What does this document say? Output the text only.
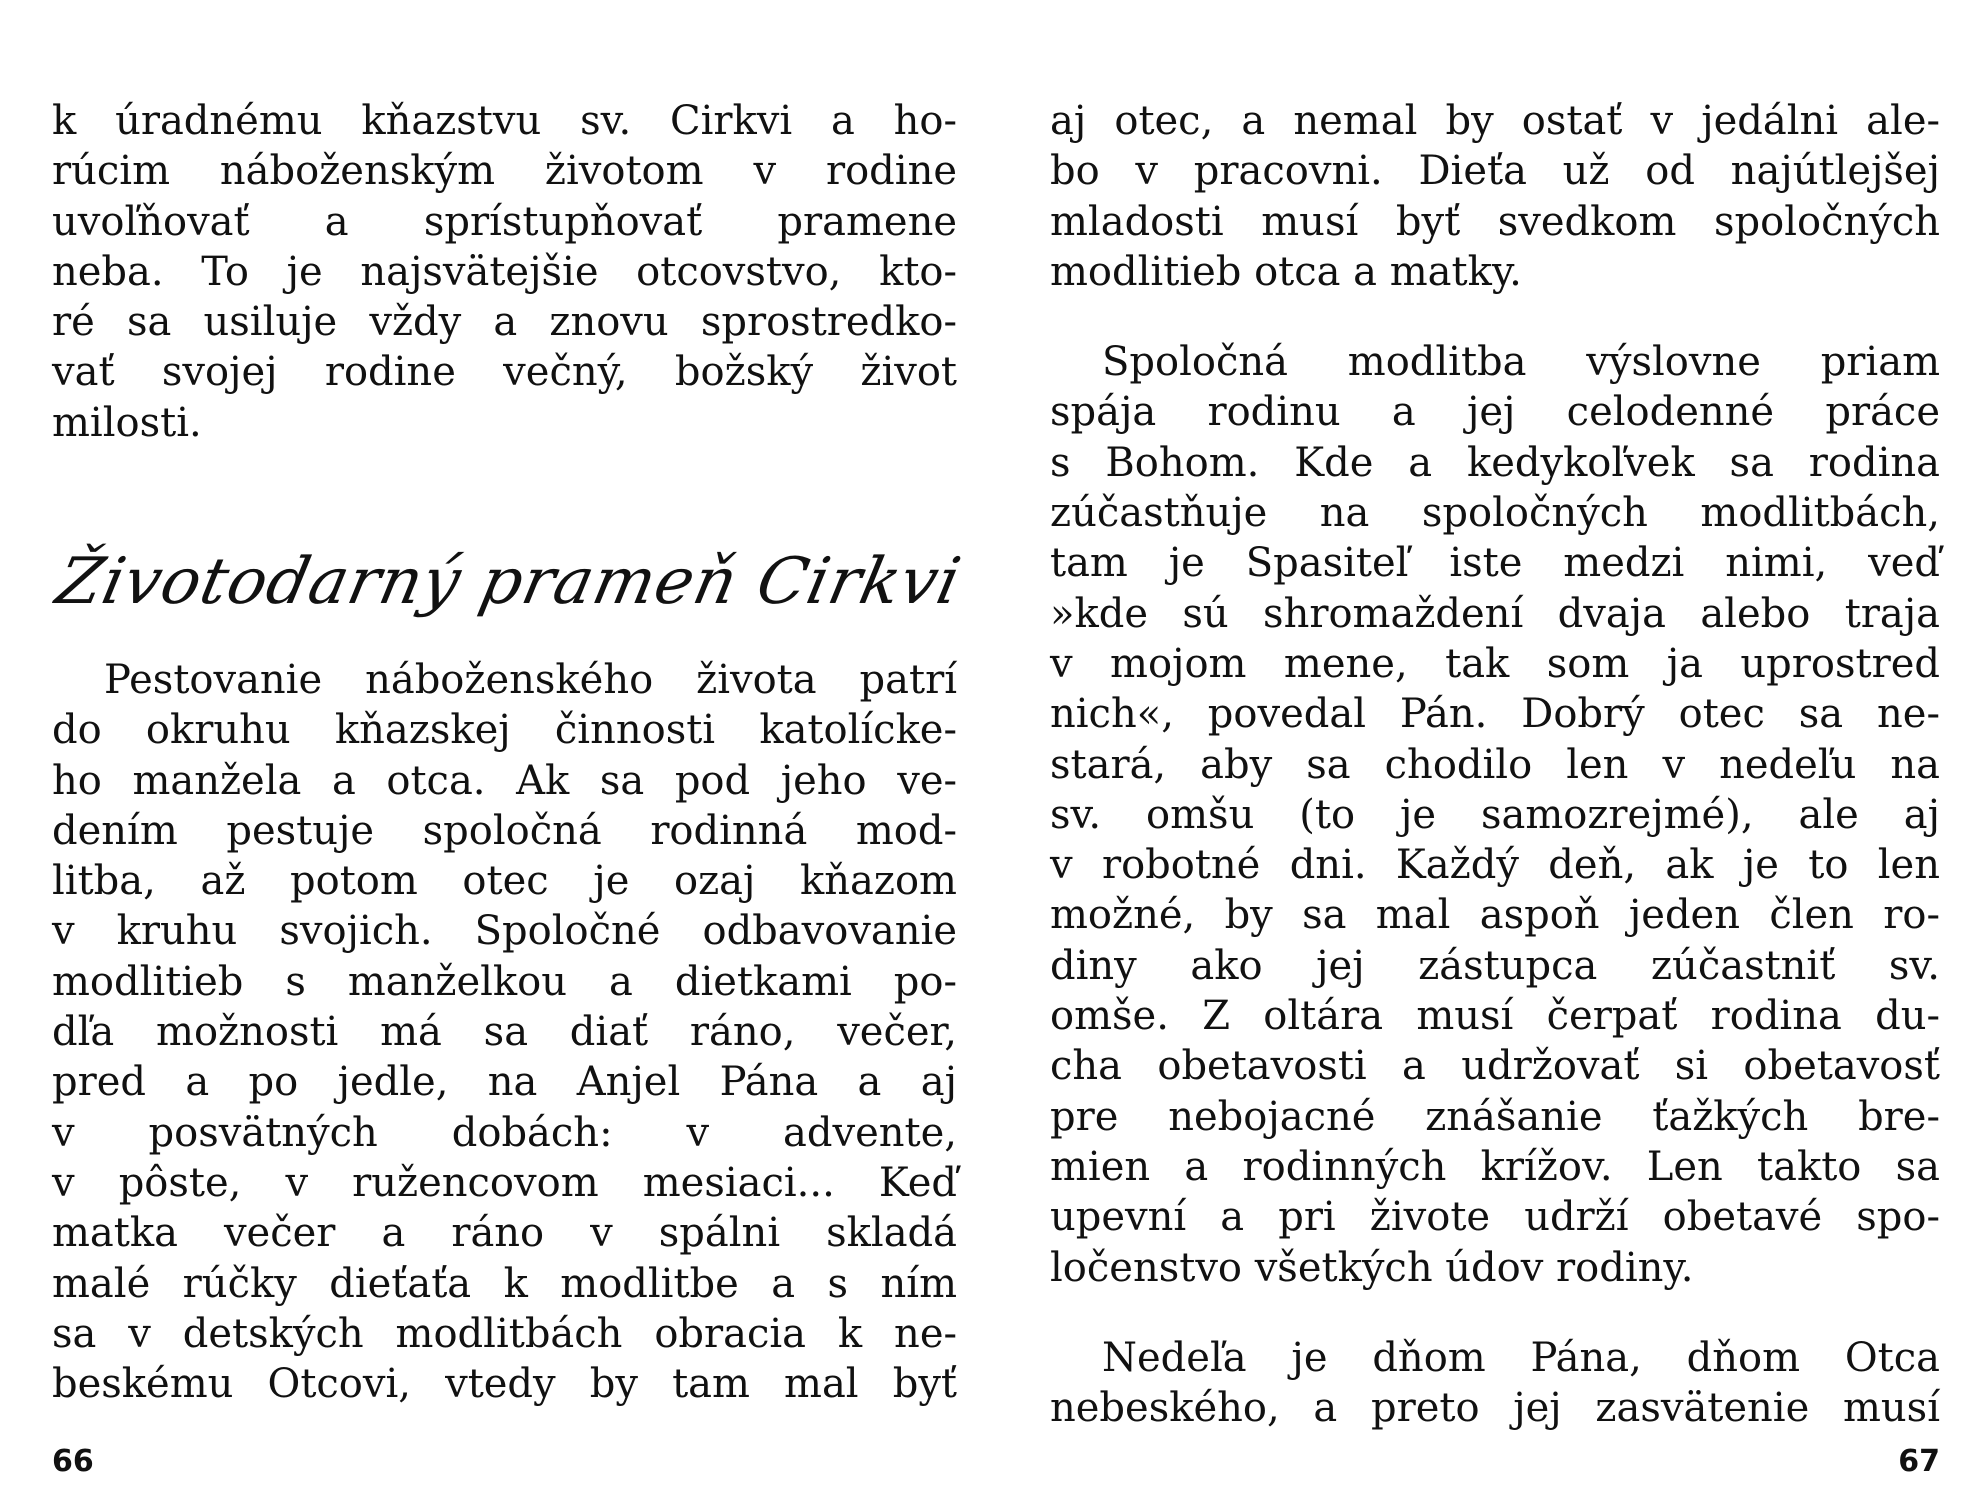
k úradnému kňazstvu sv. Cirkvi a ho-
rúcim náboženským životom v rodine
uvoľňovať a sprístupňovať pramene
neba. To je najsvätejšie otcovstvo, kto-
ré sa usiluje vždy a znovu sprostredko-
vať svojej rodine večný, božský život
milosti.

Životodarný prameň Cirkvi

Pestovanie náboženského života patrí
do okruhu kňazskej činnosti katolícke-
ho manžela a otca. Ak sa pod jeho ve-
dením pestuje spoločná rodinná mod-
litba, až potom otec je ozaj kňazom
v kruhu svojich. Spoločné odbavovanie
modlitieb s manželkou a dietkami po-
dľa možnosti má sa diať ráno, večer,
pred a po jedle, na Anjel Pána a aj
v posvätných dobách: v advente,
v pôste, v ružencovom mesiaci... Keď
matka večer a ráno v spálni skladá
malé rúčky dieťaťa k modlitbe a s ním
sa v detských modlitbách obracia k ne-
beskému Otcovi, vtedy by tam mal byť

66

aj otec, a nemal by ostať v jedálni ale-
bo v pracovni. Dieťa už od najútlejšej
mladosti musí byť svedkom spoločných
modlitieb otca a matky.

Spoločná modlitba výslovne priam
spája rodinu a jej celodenné práce
s Bohom. Kde a kedykoľvek sa rodina
zúčastňuje na spoločných modlitbách,
tam je Spasiteľ iste medzi nimi, veď
»kde sú shromaždení dvaja alebo traja
v mojom mene, tak som ja uprostred
nich«, povedal Pán. Dobrý otec sa ne-
stará, aby sa chodilo len v nedeľu na
sv. omšu (to je samozrejmé), ale aj
v robotné dni. Každý deň, ak je to len
možné, by sa mal aspoň jeden člen ro-
diny ako jej zástupca zúčastniť sv.
omše. Z oltára musí čerpať rodina du-
cha obetavosti a udržovať si obetavosť
pre nebojacné znášanie ťažkých bre-
mien a rodinných krížov. Len takto sa
upevní a pri živote udrží obetavé spo-
ločenstvo všetkých údov rodiny.

Nedeľa je dňom Pána, dňom Otca
nebeského, a preto jej zasvätenie musí

67
